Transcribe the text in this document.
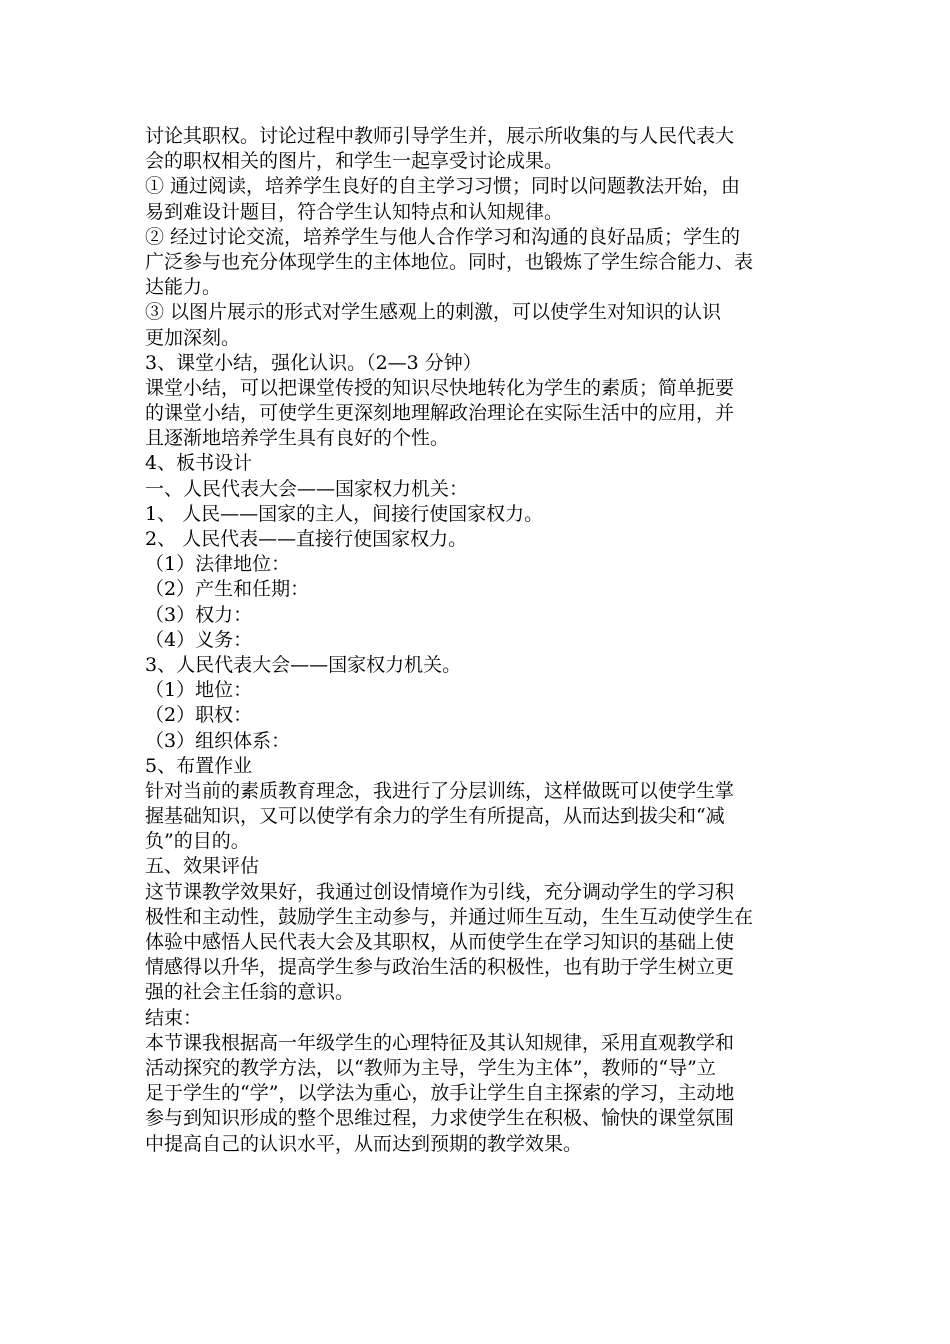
讨论其职权。讨论过程中教师引导学生并，展示所收集的与人民代表大
会的职权相关的图片，和学生一起享受讨论成果。
① 通过阅读，培养学生良好的自主学习习惯；同时以问题教法开始，由
易到难设计题目，符合学生认知特点和认知规律。
② 经过讨论交流，培养学生与他人合作学习和沟通的良好品质；学生的
广泛参与也充分体现学生的主体地位。同时，也锻炼了学生综合能力、表
达能力。
③ 以图片展示的形式对学生感观上的刺激，可以使学生对知识的认识
更加深刻。
3、课堂小结，强化认识。（2—3 分钟）
课堂小结，可以把课堂传授的知识尽快地转化为学生的素质；简单扼要
的课堂小结，可使学生更深刻地理解政治理论在实际生活中的应用，并
且逐渐地培养学生具有良好的个性。
4、板书设计
一、人民代表大会——国家权力机关：
1、 人民——国家的主人，间接行使国家权力。
2、 人民代表——直接行使国家权力。
（1）法律地位：
（2）产生和任期：
（3）权力：
（4）义务：
3、人民代表大会——国家权力机关。
（1）地位：
（2）职权：
（3）组织体系：
5、布置作业
针对当前的素质教育理念，我进行了分层训练，这样做既可以使学生掌
握基础知识，又可以使学有余力的学生有所提高，从而达到拔尖和“减
负”的目的。
五、效果评估
这节课教学效果好，我通过创设情境作为引线，充分调动学生的学习积
极性和主动性，鼓励学生主动参与，并通过师生互动，生生互动使学生在
体验中感悟人民代表大会及其职权，从而使学生在学习知识的基础上使
情感得以升华，提高学生参与政治生活的积极性，也有助于学生树立更
强的社会主任翁的意识。
结束：
本节课我根据高一年级学生的心理特征及其认知规律，采用直观教学和
活动探究的教学方法，以“教师为主导，学生为主体”，教师的“导”立
足于学生的“学”，以学法为重心，放手让学生自主探索的学习，主动地
参与到知识形成的整个思维过程，力求使学生在积极、愉快的课堂氛围
中提高自己的认识水平，从而达到预期的教学效果。
